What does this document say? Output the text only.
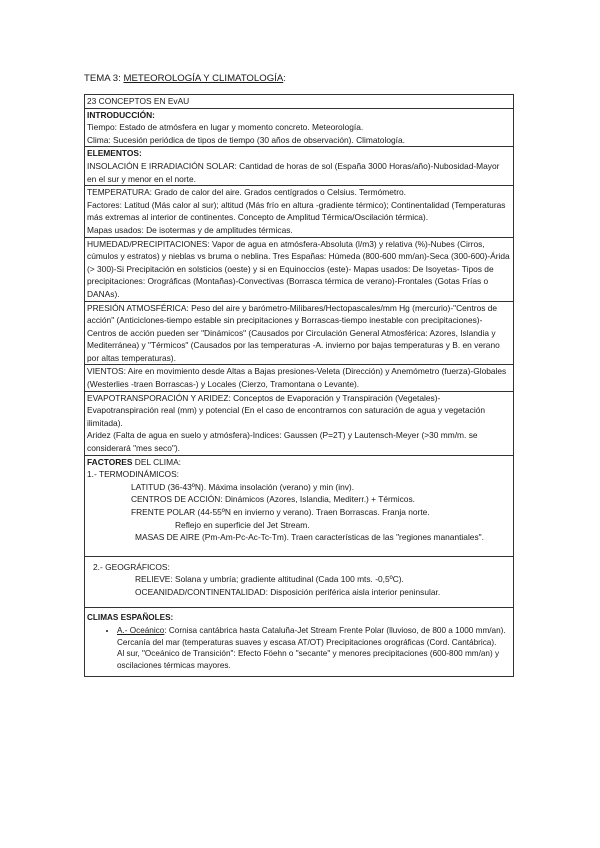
TEMA 3: METEOROLOGÍA Y CLIMATOLOGÍA:
23 CONCEPTOS EN EvAU

INTRODUCCIÓN:
Tiempo: Estado de atmósfera en lugar y momento concreto. Meteorología.
Clima: Sucesión periódica de tipos de tiempo (30 años de observación). Climatología.

ELEMENTOS:
INSOLACIÓN E IRRADIACIÓN SOLAR: Cantidad de horas de sol (España 3000 Horas/año)-Nubosidad-Mayor en el sur y menor en el norte.

TEMPERATURA: Grado de calor del aire. Grados centígrados o Celsius. Termómetro.
Factores: Latitud (Más calor al sur); altitud (Más frío en altura -gradiente térmico); Continentalidad (Temperaturas más extremas al interior de continentes. Concepto de Amplitud Térmica/Oscilación térmica).
Mapas usados: De isotermas y de amplitudes térmicas.

HUMEDAD/PRECIPITACIONES: Vapor de agua en atmósfera-Absoluta (l/m3) y relativa (%)-Nubes (Cirros, cúmulos y estratos) y nieblas vs bruma o neblina. Tres Españas: Húmeda (800-600 mm/an)-Seca (300-600)-Árida (> 300)-Si Precipitación en solsticios (oeste) y si en Equinoccios (este)- Mapas usados: De Isoyetas- Tipos de precipitaciones: Orográficas (Montañas)-Convectivas (Borrasca térmica de verano)-Frontales (Gotas Frías o DANAs).
PRESIÓN ATMOSFÉRICA: Peso del aire y barómetro-Milibares/Hectopascales/mm Hg (mercurio)-"Centros de acción" (Anticiclones-tiempo estable sin precipitaciones y Borrascas-tiempo inestable con precipitaciones)- Centros de acción pueden ser "Dinámicos" (Causados por Circulación General Atmosférica: Azores, Islandia y Mediterránea) y "Térmicos" (Causados por las temperaturas -A. invierno por bajas temperaturas y B. en verano por altas temperaturas).
VIENTOS: Aire en movimiento desde Altas a Bajas presiones-Veleta (Dirección) y Anemómetro (fuerza)-Globales (Westerlies -traen Borrascas-) y Locales (Cierzo, Tramontana o Levante).

EVAPOTRANSPORACIÓN Y ARIDEZ: Conceptos de Evaporación y Transpiración (Vegetales)-Evapotranspiración real (mm) y potencial (En el caso de encontrarnos con saturación de agua y vegetación ilimitada).
Aridez (Falta de agua en suelo y atmósfera)-Indices: Gaussen (P=2T) y Lautensch-Meyer (>30 mm/m. se considerará "mes seco").

FACTORES DEL CLIMA:
1.- TERMODINÁMICOS:
LATITUD (36-43ºN). Máxima insolación (verano) y min (inv).
CENTROS DE ACCIÓN: Dinámicos (Azores, Islandia, Mediterr.) + Térmicos.
FRENTE POLAR (44-55ºN en invierno y verano). Traen Borrascas. Franja norte.
Reflejo en superficie del Jet Stream.
MASAS DE AIRE (Pm-Am-Pc-Ac-Tc-Tm). Traen características de las "regiones manantiales".

2.- GEOGRÁFICOS:
RELIEVE: Solana y umbría; gradiente altitudinal (Cada 100 mts. -0,5ºC).
OCEANIDAD/CONTINENTALIDAD: Disposición periférica aisla interior peninsular.

CLIMAS ESPAÑOLES:
• A.- Oceánico: Cornisa cantábrica hasta Cataluña-Jet Stream Frente Polar (lluvioso, de 800 a 1000 mm/an). Cercanía del mar (temperaturas suaves y escasa AT/OT) Precipitaciones orográficas (Cord. Cantábrica).
Al sur, "Oceánico de Transición": Efecto Föehn o "secante" y menores precipitaciones (600-800 mm/an) y oscilaciones térmicas mayores.
